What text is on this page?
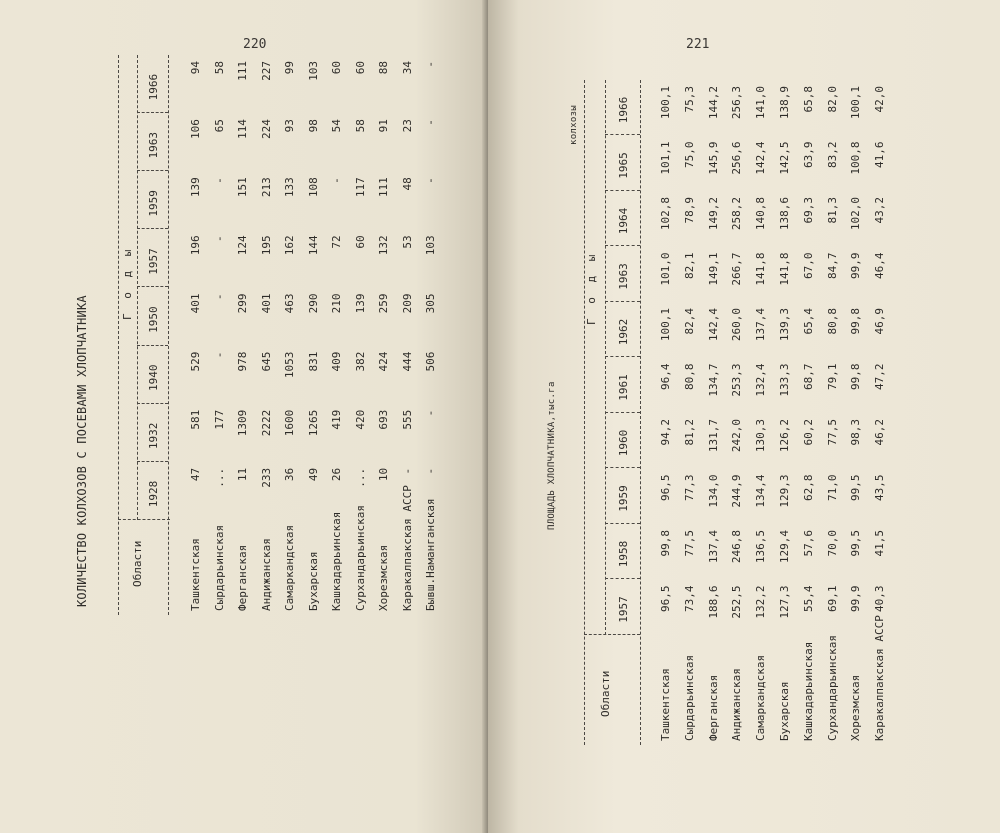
220
КОЛИЧЕСТВО КОЛХОЗОВ С ПОСЕВАМИ ХЛОПЧАТНИКА	Области
Г о д ы
1928
1932
1940
1950
1957
1959
1963
1966
Ташкентская
47
581
529
401
196
139
106
94
Сырдарьинская
...
177
-
-
-
-
65
58
Ферганская
11
1309
978
299
124
151
114
111
Андижанская
233
2222
645
401
195
213
224
227
Самаркандская
36
1600
1053
463
162
133
93
99
Бухарская
49
1265
831
290
144
108
98
103
Кашкадарьинская
26
419
409
210
72
-
54
60
Сурхандарьинская
...
420
382
139
60
117
58
60
Хорезмская
10
693
424
259
132
111
91
88
Каракалпакская АССР
-
555
444
209
53
48
23
34
Бывш.Наманганская
-
-
506
305
103
-
-
-
221
ПЛОЩАДЬ ХЛОПЧАТНИКА,тыс.га
колхозы
Области
Г о д ы
1957
1958
1959
1960
1961
1962
1963
1964
1965
1966
Ташкентская
96,5
99,8
96,5
94,2
96,4
100,1
101,0
102,8
101,1
100,1
Сырдарьинская
73,4
77,5
77,3
81,2
80,8
82,4
82,1
78,9
75,0
75,3
Ферганская
188,6
137,4
134,0
131,7
134,7
142,4
149,1
149,2
145,9
144,2
Андижанская
252,5
246,8
244,9
242,0
253,3
260,0
266,7
258,2
256,6
256,3
Самаркандская
132,2
136,5
134,4
130,3
132,4
137,4
141,8
140,8
142,4
141,0
Бухарская
127,3
129,4
129,3
126,2
133,3
139,3
141,8
138,6
142,5
138,9
Кашкадарьинская
55,4
57,6
62,8
60,2
68,7
65,4
67,0
69,3
63,9
65,8
Сурхандарьинская
69,1
70,0
71,0
77,5
79,1
80,8
84,7
81,3
83,2
82,0
Хорезмская
99,9
99,5
99,5
98,3
99,8
99,8
99,9
102,0
100,8
100,1
Каракалпакская АССР
40,3
41,5
43,5
46,2
47,2
46,9
46,4
43,2
41,6
42,0
